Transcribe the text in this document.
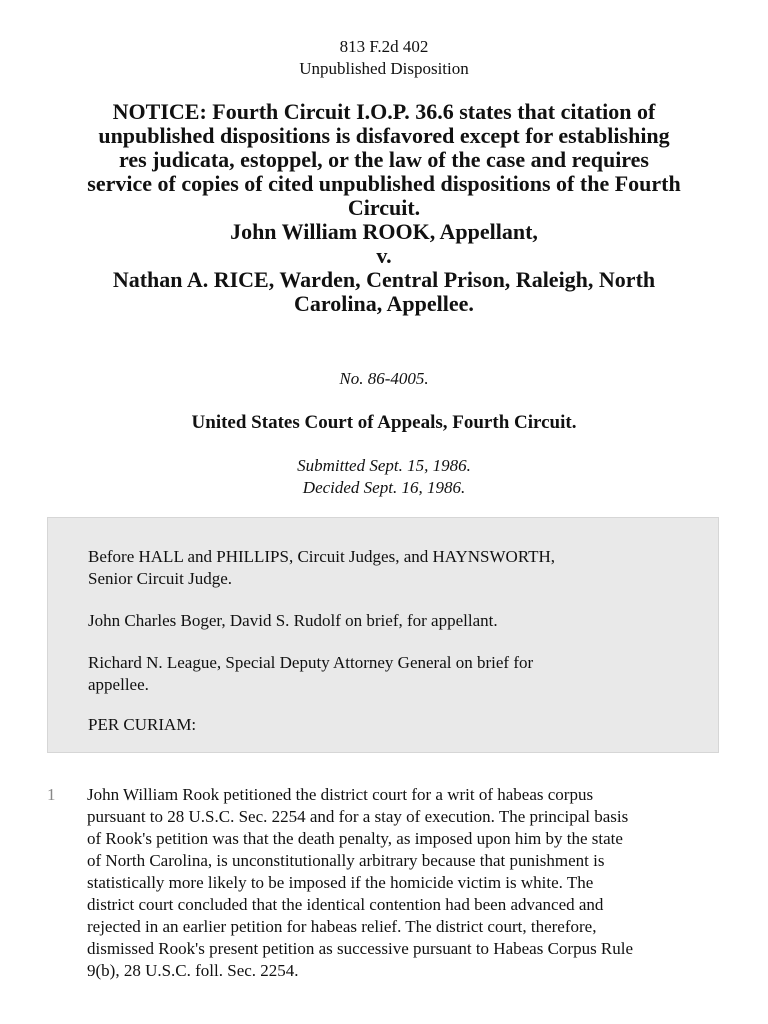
813 F.2d 402
Unpublished Disposition
NOTICE: Fourth Circuit I.O.P. 36.6 states that citation of
unpublished dispositions is disfavored except for establishing
res judicata, estoppel, or the law of the case and requires
service of copies of cited unpublished dispositions of the Fourth
Circuit.
John William ROOK, Appellant,
v.
Nathan A. RICE, Warden, Central Prison, Raleigh, North
Carolina, Appellee.
No. 86-4005.
United States Court of Appeals, Fourth Circuit.
Submitted Sept. 15, 1986.
Decided Sept. 16, 1986.

Before HALL and PHILLIPS, Circuit Judges, and HAYNSWORTH,
Senior Circuit Judge.

John Charles Boger, David S. Rudolf on brief, for appellant.

Richard N. League, Special Deputy Attorney General on brief for
appellee.

PER CURIAM:

1 John William Rook petitioned the district court for a writ of habeas corpus
pursuant to 28 U.S.C. Sec. 2254 and for a stay of execution. The principal basis
of Rook's petition was that the death penalty, as imposed upon him by the state
of North Carolina, is unconstitutionally arbitrary because that punishment is
statistically more likely to be imposed if the homicide victim is white. The
district court concluded that the identical contention had been advanced and
rejected in an earlier petition for habeas relief. The district court, therefore,
dismissed Rook's present petition as successive pursuant to Habeas Corpus Rule
9(b), 28 U.S.C. foll. Sec. 2254.
